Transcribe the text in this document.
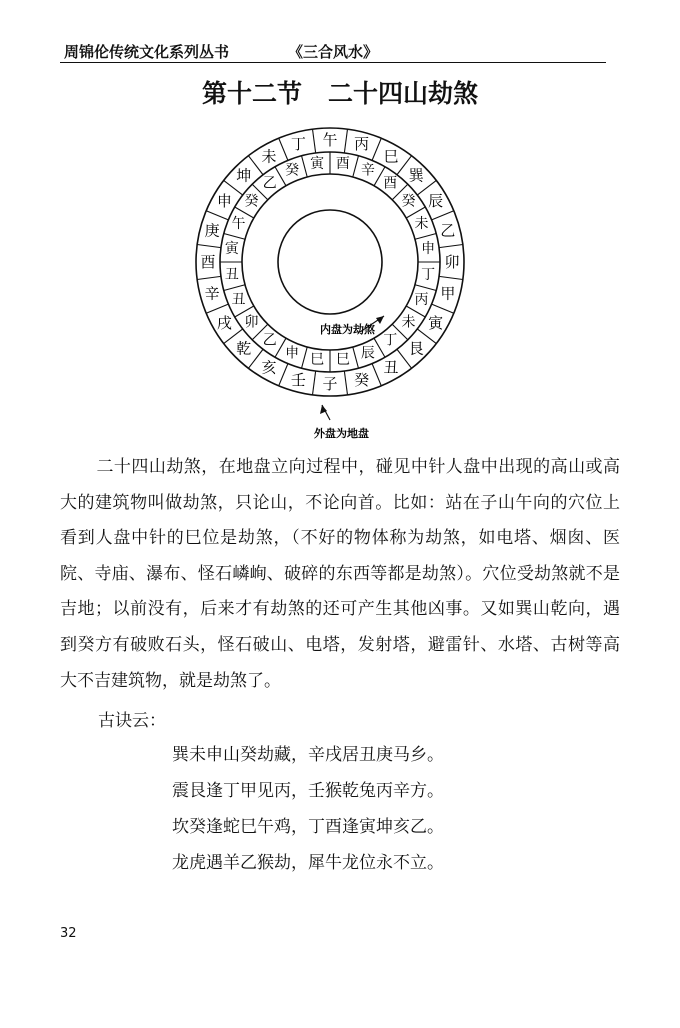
周锦伦传统文化系列丛书	《三合风水》
第十二节 二十四山劫煞
子
壬
亥
乾
戌
辛
酉
庚
申
坤
未
丁 午 丙
巳
巽
辰
乙
卯
甲
寅
艮
丑
癸
巳
申
乙
卯
丑
丑
寅
午
癸
乙
癸 寅 酉 辛
酉
癸
未
申
丁
丙
未
丁
辰
巳
内盘为劫煞
外盘为地盘

二十四山劫煞，在地盘立向过程中，碰见中针人盘中出现的高山或高大的建筑物叫做劫煞，只论山，不论向首。比如：站在子山午向的穴位上看到人盘中针的巳位是劫煞，（不好的物体称为劫煞，如电塔、烟囱、医院、寺庙、瀑布、怪石嶙峋、破碎的东西等都是劫煞）。穴位受劫煞就不是吉地；以前没有，后来才有劫煞的还可产生其他凶事。又如巽山乾向，遇到癸方有破败石头，怪石破山、电塔，发射塔，避雷针、水塔、古树等高大不吉建筑物，就是劫煞了。

古诀云：
巽未申山癸劫藏，辛戌居丑庚马乡。
震艮逢丁甲见丙，壬猴乾兔丙辛方。
坎癸逢蛇巳午鸡，丁酉逢寅坤亥乙。
龙虎遇羊乙猴劫，犀牛龙位永不立。
32
